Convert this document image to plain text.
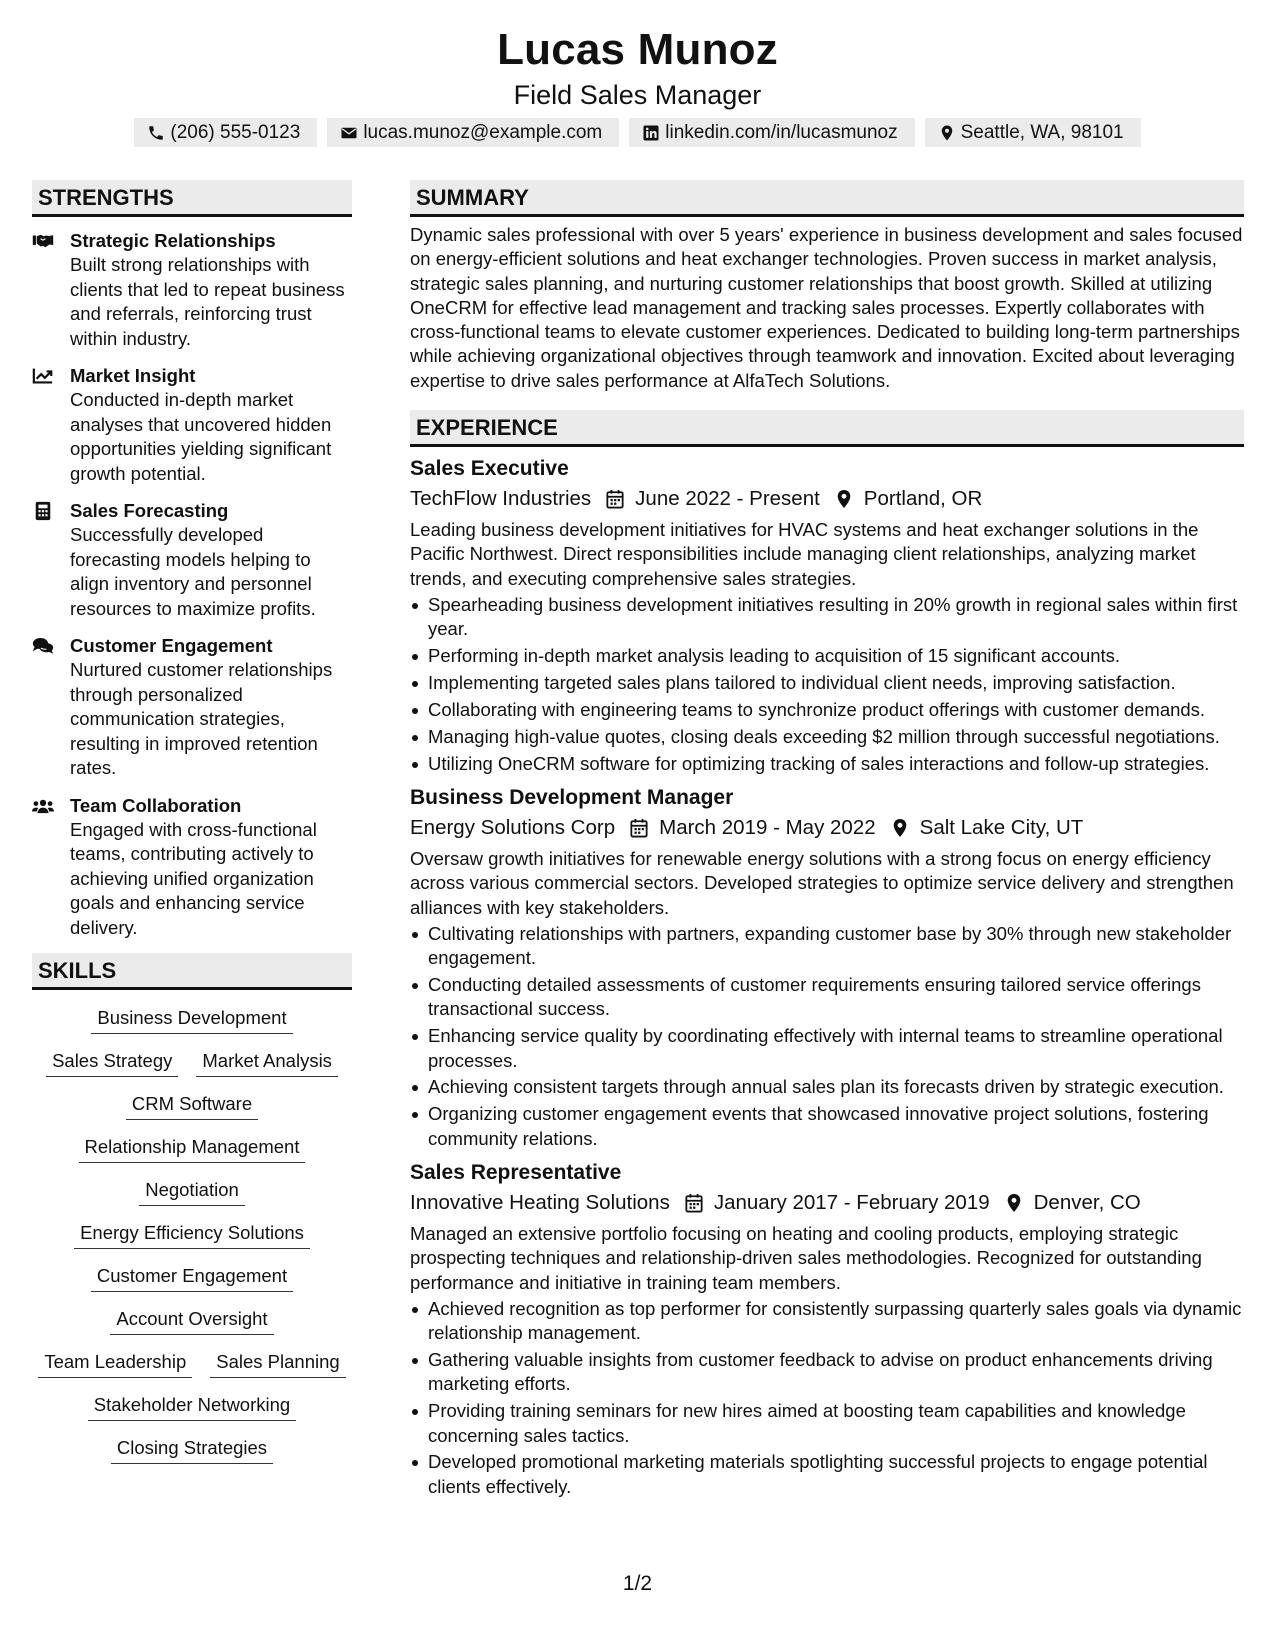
Lucas Munoz
Field Sales Manager
(206) 555-0123	lucas.munoz@example.com	linkedin.com/in/lucasmunoz	Seattle, WA, 98101
STRENGTHS
Strategic Relationships
Built strong relationships with clients that led to repeat business and referrals, reinforcing trust within industry.
Market Insight
Conducted in-depth market analyses that uncovered hidden opportunities yielding significant growth potential.
Sales Forecasting
Successfully developed forecasting models helping to align inventory and personnel resources to maximize profits.
Customer Engagement
Nurtured customer relationships through personalized communication strategies, resulting in improved retention rates.
Team Collaboration
Engaged with cross-functional teams, contributing actively to achieving unified organization goals and enhancing service delivery.
SKILLS
Business Development
Sales Strategy	Market Analysis
CRM Software
Relationship Management
Negotiation
Energy Efficiency Solutions
Customer Engagement
Account Oversight
Team Leadership	Sales Planning
Stakeholder Networking
Closing Strategies
SUMMARY
Dynamic sales professional with over 5 years' experience in business development and sales focused on energy-efficient solutions and heat exchanger technologies. Proven success in market analysis, strategic sales planning, and nurturing customer relationships that boost growth. Skilled at utilizing OneCRM for effective lead management and tracking sales processes. Expertly collaborates with cross-functional teams to elevate customer experiences. Dedicated to building long-term partnerships while achieving organizational objectives through teamwork and innovation. Excited about leveraging expertise to drive sales performance at AlfaTech Solutions.
EXPERIENCE
Sales Executive
TechFlow Industries June 2022 - Present Portland, OR
Leading business development initiatives for HVAC systems and heat exchanger solutions in the Pacific Northwest. Direct responsibilities include managing client relationships, analyzing market trends, and executing comprehensive sales strategies.
Spearheading business development initiatives resulting in 20% growth in regional sales within first year.
Performing in-depth market analysis leading to acquisition of 15 significant accounts.
Implementing targeted sales plans tailored to individual client needs, improving satisfaction.
Collaborating with engineering teams to synchronize product offerings with customer demands.
Managing high-value quotes, closing deals exceeding $2 million through successful negotiations.
Utilizing OneCRM software for optimizing tracking of sales interactions and follow-up strategies.
Business Development Manager
Energy Solutions Corp March 2019 - May 2022 Salt Lake City, UT
Oversaw growth initiatives for renewable energy solutions with a strong focus on energy efficiency across various commercial sectors. Developed strategies to optimize service delivery and strengthen alliances with key stakeholders.
Cultivating relationships with partners, expanding customer base by 30% through new stakeholder engagement.
Conducting detailed assessments of customer requirements ensuring tailored service offerings transactional success.
Enhancing service quality by coordinating effectively with internal teams to streamline operational processes.
Achieving consistent targets through annual sales plan its forecasts driven by strategic execution.
Organizing customer engagement events that showcased innovative project solutions, fostering community relations.
Sales Representative
Innovative Heating Solutions January 2017 - February 2019 Denver, CO
Managed an extensive portfolio focusing on heating and cooling products, employing strategic prospecting techniques and relationship-driven sales methodologies. Recognized for outstanding performance and initiative in training team members.
Achieved recognition as top performer for consistently surpassing quarterly sales goals via dynamic relationship management.
Gathering valuable insights from customer feedback to advise on product enhancements driving marketing efforts.
Providing training seminars for new hires aimed at boosting team capabilities and knowledge concerning sales tactics.
Developed promotional marketing materials spotlighting successful projects to engage potential clients effectively.
1/2
